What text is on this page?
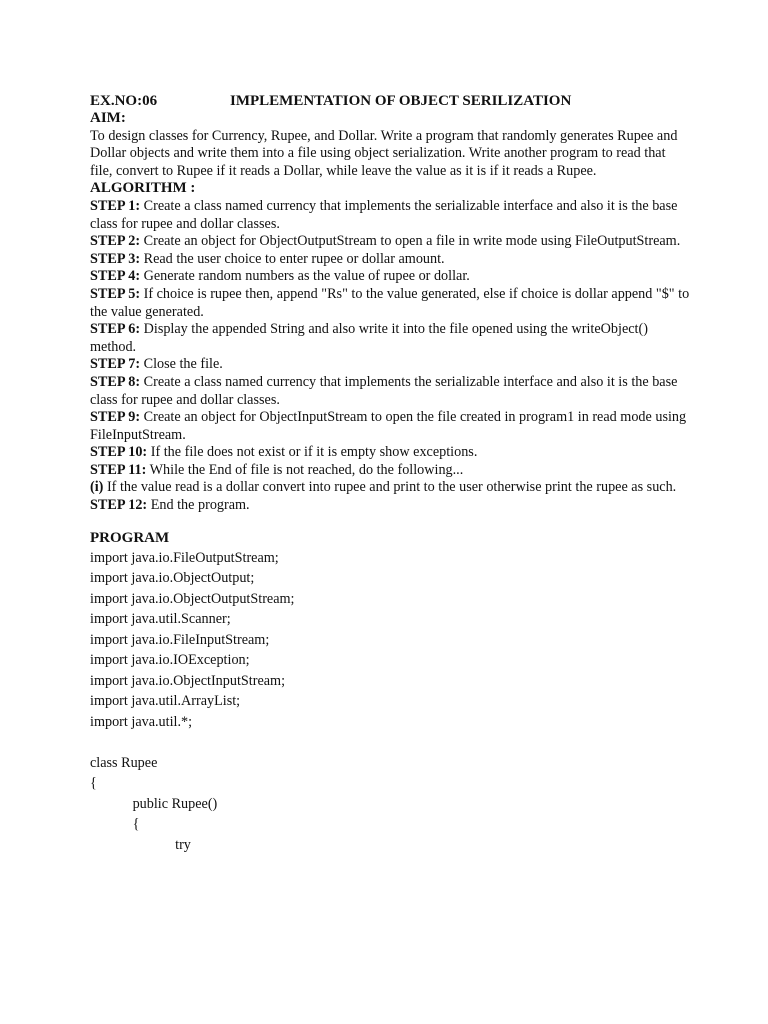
EX.NO:06	IMPLEMENTATION OF OBJECT SERILIZATION
AIM:

To design classes for Currency, Rupee, and Dollar. Write a program that randomly generates Rupee and Dollar objects and write them into a file using object serialization. Write another program to read that file, convert to Rupee if it reads a Dollar, while leave the value as it is if it reads a Rupee.

ALGORITHM :

STEP 1: Create a class named currency that implements the serializable interface and also it is the base class for rupee and dollar classes.

STEP 2: Create an object for ObjectOutputStream to open a file in write mode using FileOutputStream.

STEP 3: Read the user choice to enter rupee or dollar amount.

STEP 4: Generate random numbers as the value of rupee or dollar.

STEP 5: If choice is rupee then, append "Rs" to the value generated, else if choice is dollar append "$" to the value generated.

STEP 6: Display the appended String and also write it into the file opened using the writeObject() method.

STEP 7: Close the file.

STEP 8: Create a class named currency that implements the serializable interface and also it is the base class for rupee and dollar classes.

STEP 9: Create an object for ObjectInputStream to open the file created in program1 in read mode using FileInputStream.

STEP 10: If the file does not exist or if it is empty show exceptions.

STEP 11: While the End of file is not reached, do the following...

(i) If the value read is a dollar convert into rupee and print to the user otherwise print the rupee as such.

STEP 12: End the program.

PROGRAM
import java.io.FileOutputStream;
import java.io.ObjectOutput;
import java.io.ObjectOutputStream;
import java.util.Scanner;
import java.io.FileInputStream;
import java.io.IOException;
import java.io.ObjectInputStream;
import java.util.ArrayList;
import java.util.*;
class Rupee
{
public Rupee()
{
try
